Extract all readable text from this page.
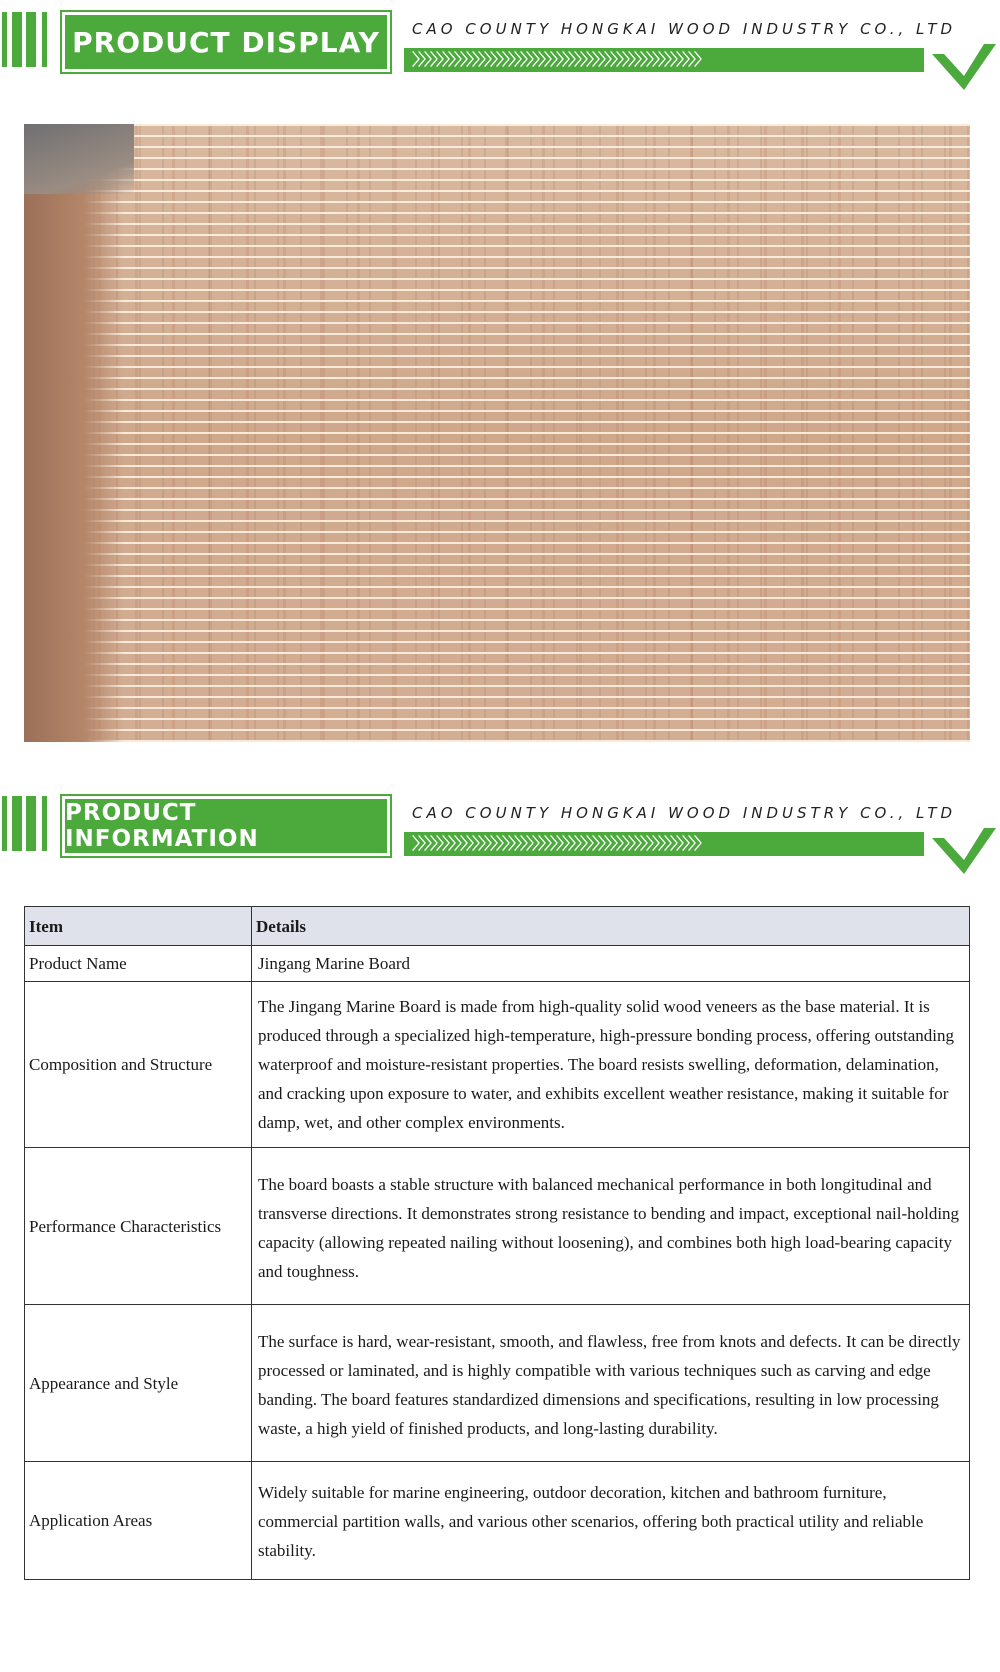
PRODUCT DISPLAY	CAO COUNTY HONGKAI WOOD INDUSTRY CO., LTD
〉〉〉〉〉〉〉〉〉〉〉〉〉〉〉〉〉〉〉〉〉〉〉〉〉〉〉〉〉〉〉〉〉〉〉〉〉〉〉〉〉〉〉〉〉〉〉〉
PRODUCT INFORMATION
CAO COUNTY HONGKAI WOOD INDUSTRY CO., LTD
〉〉〉〉〉〉〉〉〉〉〉〉〉〉〉〉〉〉〉〉〉〉〉〉〉〉〉〉〉〉〉〉〉〉〉〉〉〉〉〉〉〉〉〉〉〉〉〉
Item	Details
Product Name	Jingang Marine Board
Composition and Structure	The Jingang Marine Board is made from high-quality solid wood veneers as the base material. It is produced through a specialized high-temperature, high-pressure bonding process, offering outstanding waterproof and moisture-resistant properties. The board resists swelling, deformation, delamination, and cracking upon exposure to water, and exhibits excellent weather resistance, making it suitable for damp, wet, and other complex environments.
Performance Characteristics	The board boasts a stable structure with balanced mechanical performance in both longitudinal and transverse directions. It demonstrates strong resistance to bending and impact, exceptional nail-holding capacity (allowing repeated nailing without loosening), and combines both high load-bearing capacity and toughness.
Appearance and Style	The surface is hard, wear-resistant, smooth, and flawless, free from knots and defects. It can be directly processed or laminated, and is highly compatible with various techniques such as carving and edge banding. The board features standardized dimensions and specifications, resulting in low processing waste, a high yield of finished products, and long-lasting durability.
Application Areas	Widely suitable for marine engineering, outdoor decoration, kitchen and bathroom furniture, commercial partition walls, and various other scenarios, offering both practical utility and reliable stability.
